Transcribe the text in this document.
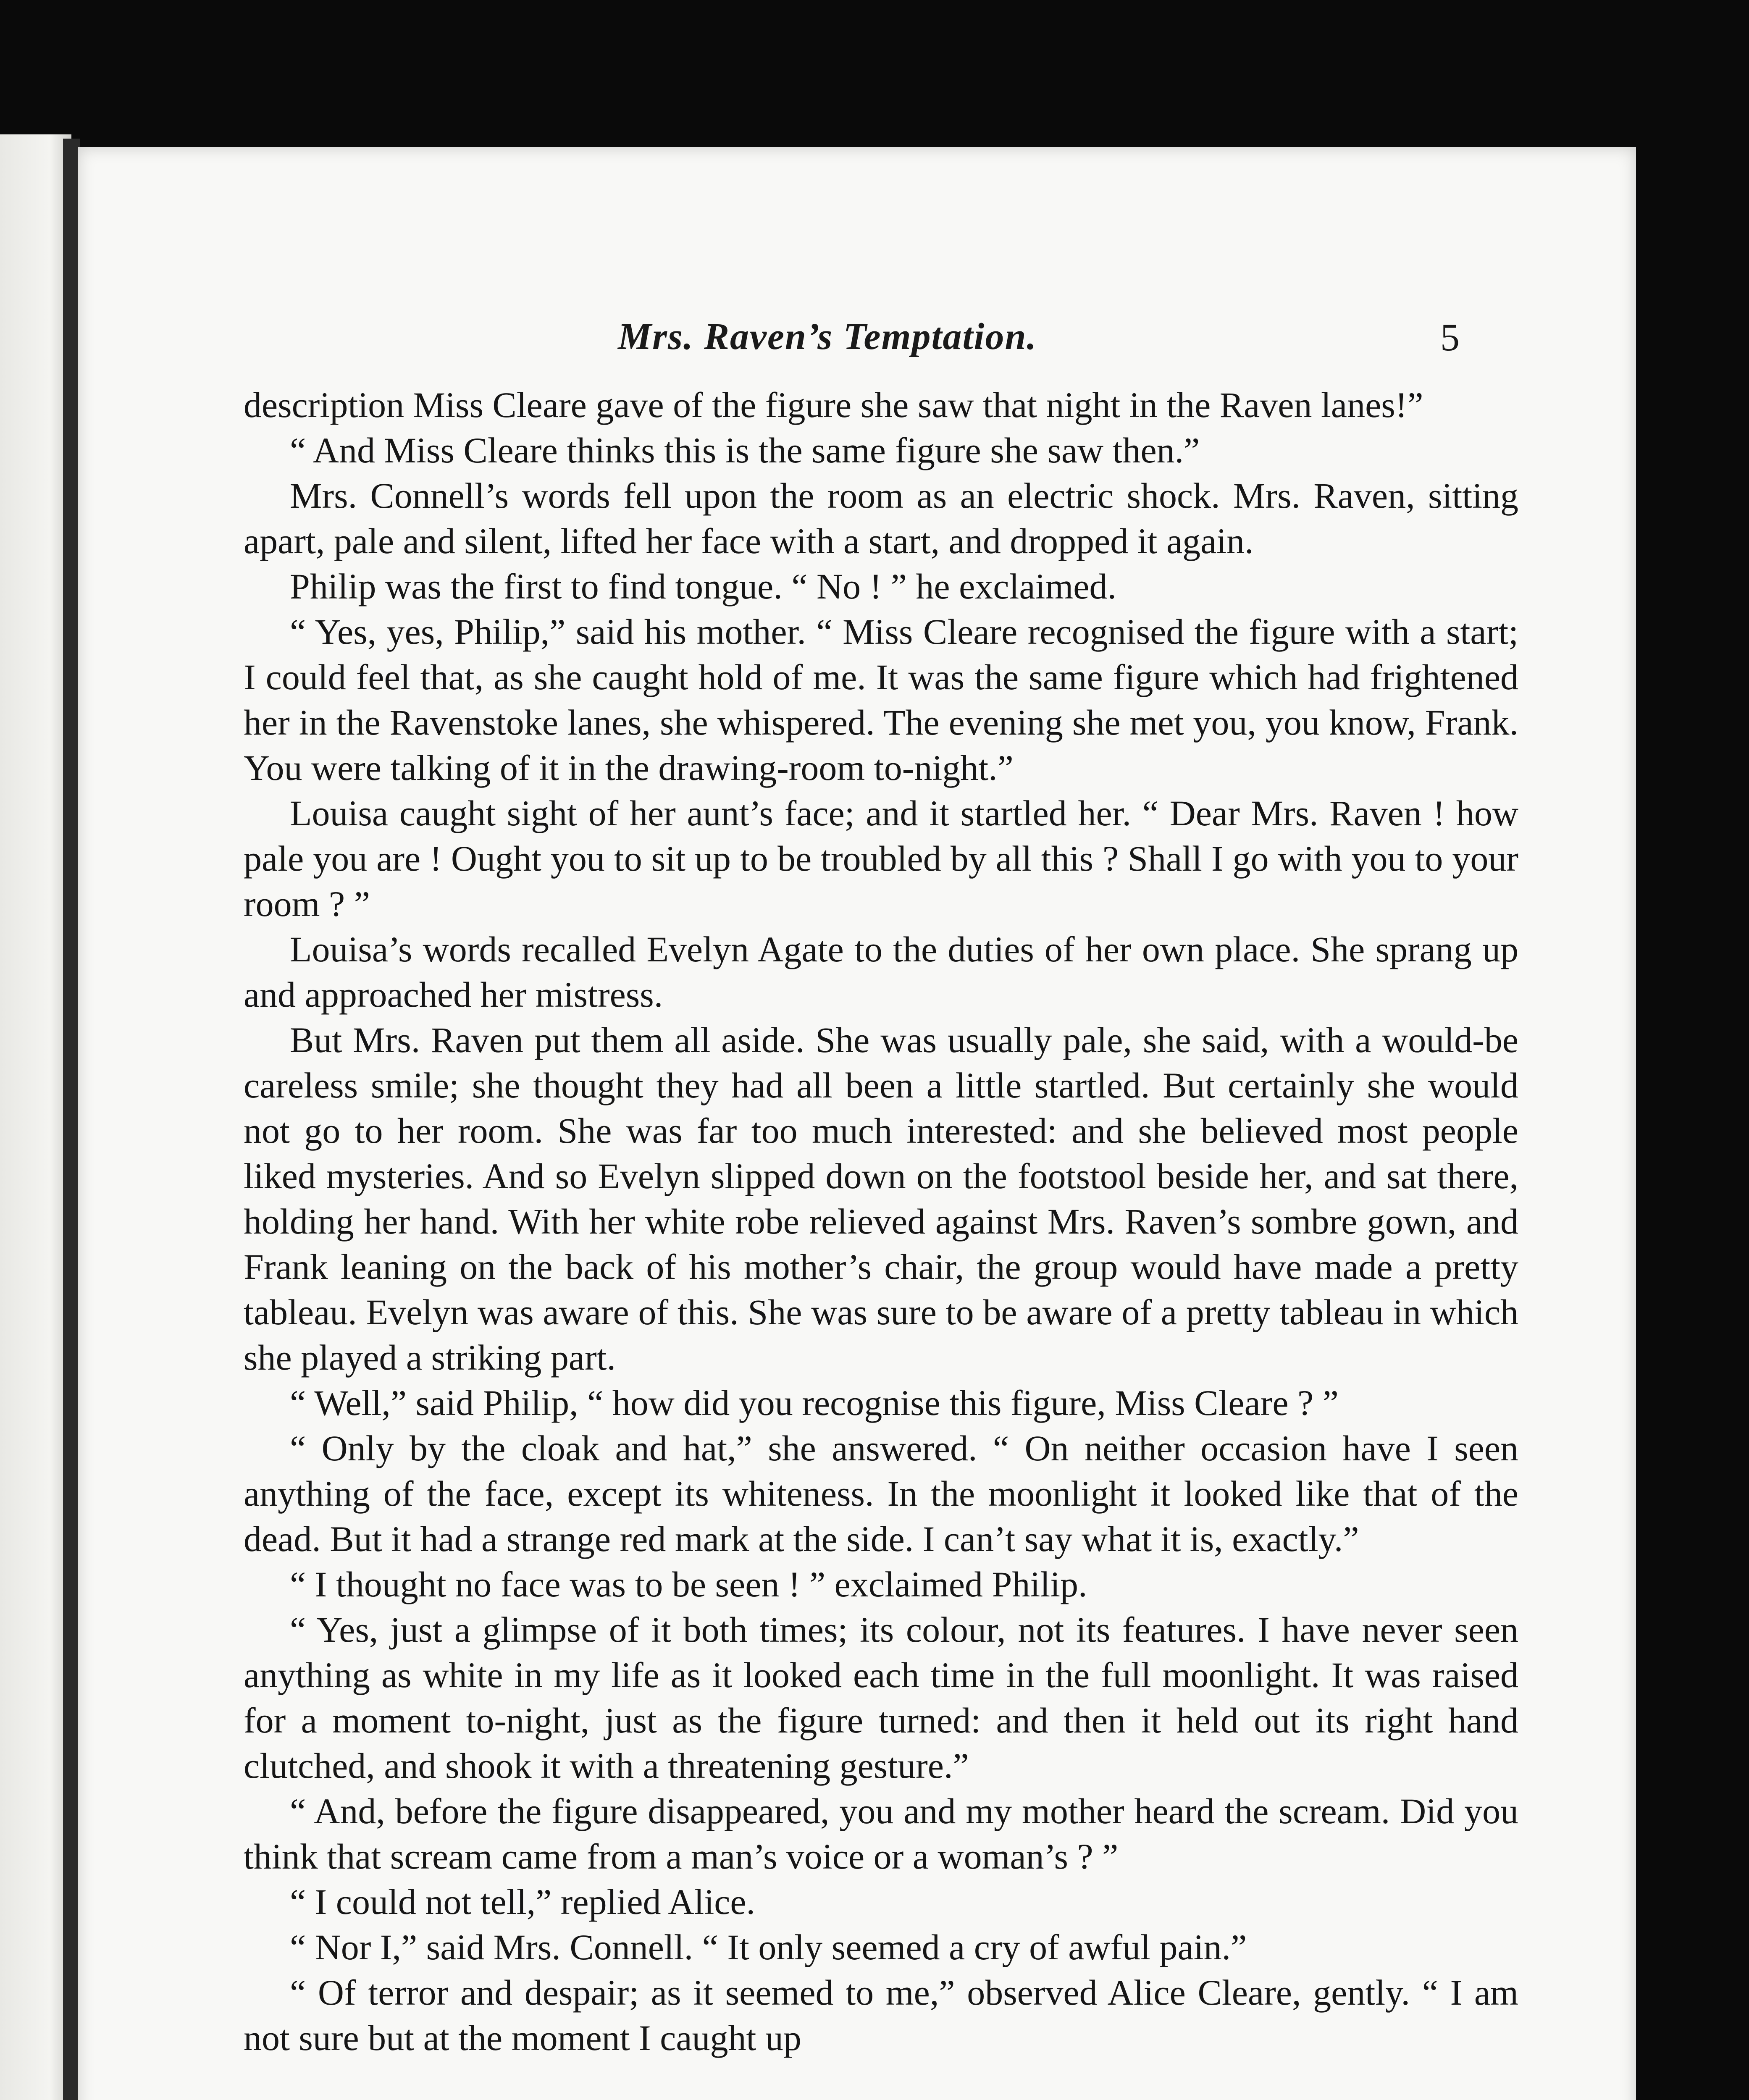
Mrs. Raven’s Temptation.	5

description Miss Cleare gave of the figure she saw that night in the Raven lanes!”

“ And Miss Cleare thinks this is the same figure she saw then.”

Mrs. Connell’s words fell upon the room as an electric shock. Mrs. Raven, sitting apart, pale and silent, lifted her face with a start, and dropped it again.

Philip was the first to find tongue. “ No ! ” he exclaimed.

“ Yes, yes, Philip,” said his mother. “ Miss Cleare recognised the figure with a start; I could feel that, as she caught hold of me. It was the same figure which had frightened her in the Ravenstoke lanes, she whispered. The evening she met you, you know, Frank. You were talking of it in the drawing-room to-night.”

Louisa caught sight of her aunt’s face; and it startled her. “ Dear Mrs. Raven ! how pale you are ! Ought you to sit up to be troubled by all this ? Shall I go with you to your room ? ”

Louisa’s words recalled Evelyn Agate to the duties of her own place. She sprang up and approached her mistress.

But Mrs. Raven put them all aside. She was usually pale, she said, with a would-be careless smile; she thought they had all been a little startled. But certainly she would not go to her room. She was far too much interested: and she believed most people liked mysteries. And so Evelyn slipped down on the footstool beside her, and sat there, holding her hand. With her white robe relieved against Mrs. Raven’s sombre gown, and Frank leaning on the back of his mother’s chair, the group would have made a pretty tableau. Evelyn was aware of this. She was sure to be aware of a pretty tableau in which she played a striking part.

“ Well,” said Philip, “ how did you recognise this figure, Miss Cleare ? ”

“ Only by the cloak and hat,” she answered. “ On neither occasion have I seen anything of the face, except its whiteness. In the moonlight it looked like that of the dead. But it had a strange red mark at the side. I can’t say what it is, exactly.”

“ I thought no face was to be seen ! ” exclaimed Philip.

“ Yes, just a glimpse of it both times; its colour, not its features. I have never seen anything as white in my life as it looked each time in the full moonlight. It was raised for a moment to-night, just as the figure turned: and then it held out its right hand clutched, and shook it with a threatening gesture.”

“ And, before the figure disappeared, you and my mother heard the scream. Did you think that scream came from a man’s voice or a woman’s ? ”

“ I could not tell,” replied Alice.

“ Nor I,” said Mrs. Connell. “ It only seemed a cry of awful pain.”

“ Of terror and despair; as it seemed to me,” observed Alice Cleare, gently. “ I am not sure but at the moment I caught up
